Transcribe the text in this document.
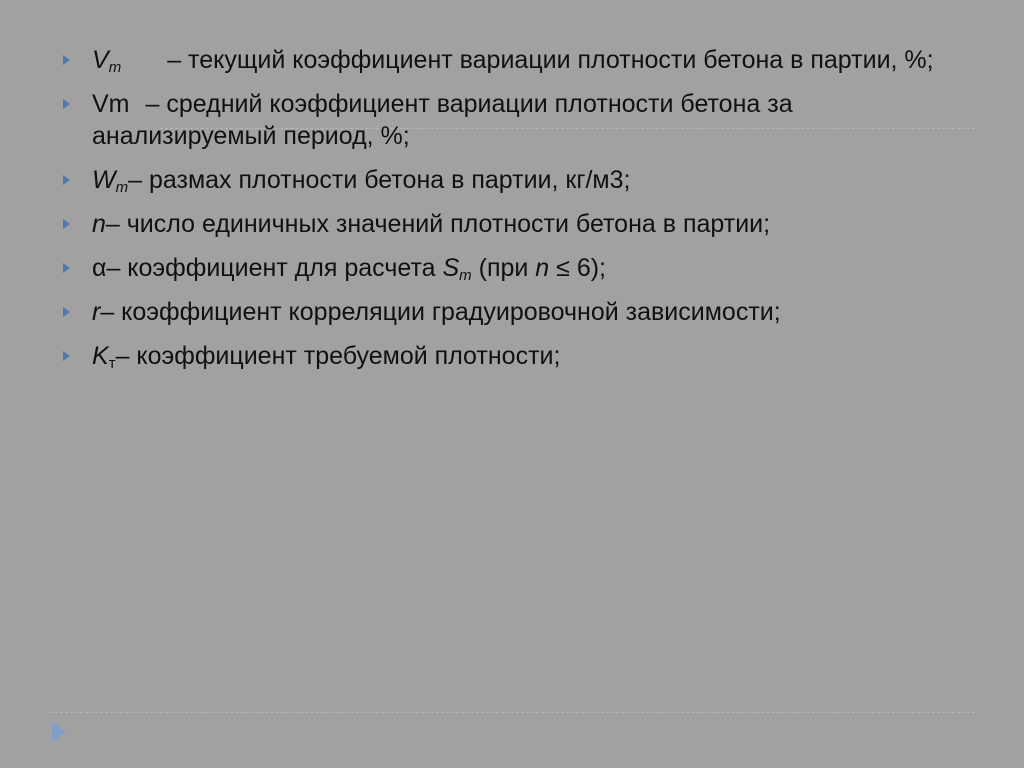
$V_m$ – текущий коэффициент вариации плотности бетона в партии, %;
Vm – средний коэффициент вариации плотности бетона за анализируемый период, %;
$W_m-$ размах плотности бетона в партии, кг/м3;
n– число единичных значений плотности бетона в партии;
α– коэффициент для расчета $S_m$ (при n ≤ 6);
r– коэффициент корреляции градуировочной зависимости;
$K_т-$ коэффициент требуемой плотности;
